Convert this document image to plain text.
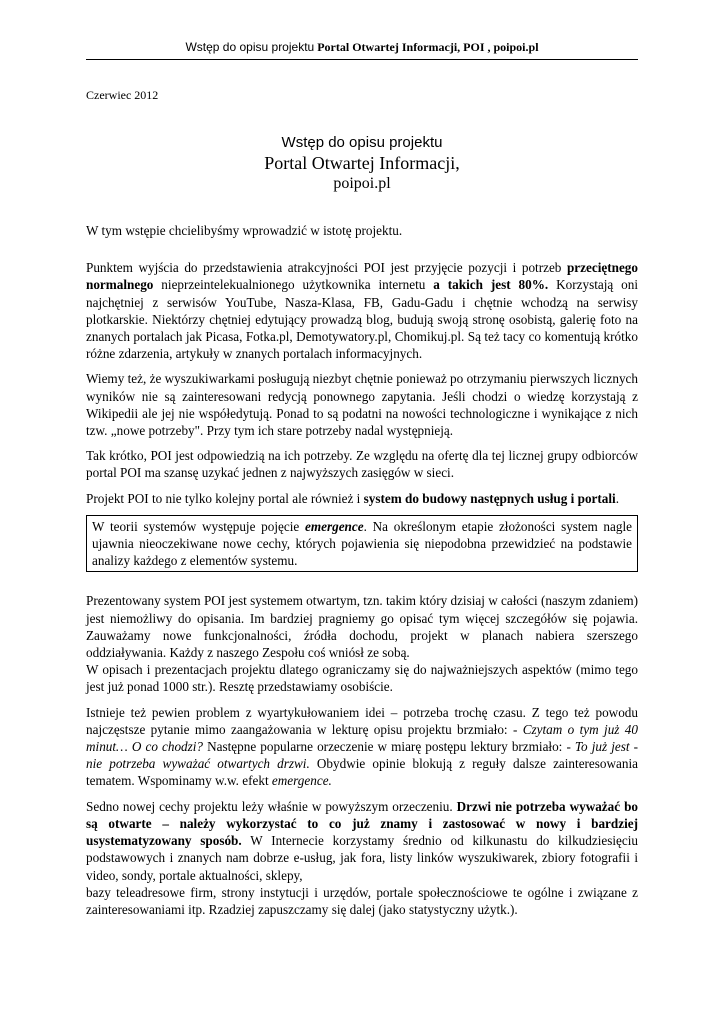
Wstęp do opisu projektu Portal Otwartej Informacji, POI , poipoi.pl
Czerwiec 2012
Wstęp do opisu projektu
Portal Otwartej Informacji,
poipoi.pl

W tym wstępie chcielibyśmy wprowadzić w istotę projektu.

Punktem wyjścia do przedstawienia atrakcyjności POI jest przyjęcie pozycji i potrzeb przeciętnego normalnego nieprzeintelekualnionego użytkownika internetu a takich jest 80%. Korzystają oni najchętniej z serwisów YouTube, Nasza-Klasa, FB, Gadu-Gadu i chętnie wchodzą na serwisy plotkarskie. Niektórzy chętniej edytujący prowadzą blog, budują swoją stronę osobistą, galerię foto na znanych portalach jak Picasa, Fotka.pl, Demotywatory.pl, Chomikuj.pl. Są też tacy co komentują krótko różne zdarzenia, artykuły w znanych portalach informacyjnych.

Wiemy też, że wyszukiwarkami posługują niezbyt chętnie ponieważ po otrzymaniu pierwszych licznych wyników nie są zainteresowani redycją ponownego zapytania. Jeśli chodzi o wiedzę korzystają z Wikipedii ale jej nie współedytują. Ponad to są podatni na nowości technologiczne i wynikające z nich tzw. „nowe potrzeby". Przy tym ich stare potrzeby nadal występnieją.

Tak krótko, POI jest odpowiedzią na ich potrzeby. Ze względu na ofertę dla tej licznej grupy odbiorców portal POI ma szansę uzykać jednen z najwyższych zasięgów w sieci.

Projekt POI to nie tylko kolejny portal ale również i system do budowy następnych usług i portali.

W teorii systemów występuje pojęcie emergence. Na określonym etapie złożoności system nagle ujawnia nieoczekiwane nowe cechy, których pojawienia się niepodobna przewidzieć na podstawie analizy każdego z elementów systemu.

Prezentowany system POI jest systemem otwartym, tzn. takim który dzisiaj w całości (naszym zdaniem) jest niemożliwy do opisania. Im bardziej pragniemy go opisać tym więcej szczegółów się pojawia. Zauważamy nowe funkcjonalności, źródła dochodu, projekt w planach nabiera szerszego oddziaływania. Każdy z naszego Zespołu coś wniósł ze sobą.
W opisach i prezentacjach projektu dlatego ograniczamy się do najważniejszych aspektów (mimo tego jest już ponad 1000 str.). Resztę przedstawiamy osobiście.

Istnieje też pewien problem z wyartykułowaniem idei – potrzeba trochę czasu. Z tego też powodu najczęstsze pytanie mimo zaangażowania w lekturę opisu projektu brzmiało: - Czytam o tym już 40 minut… O co chodzi? Następne popularne orzeczenie w miarę postępu lektury brzmiało: - To już jest - nie potrzeba wyważać otwartych drzwi. Obydwie opinie blokują z reguły dalsze zainteresowania tematem. Wspominamy w.w. efekt emergence.

Sedno nowej cechy projektu leży właśnie w powyższym orzeczeniu. Drzwi nie potrzeba wyważać bo są otwarte – należy wykorzystać to co już znamy i zastosować w nowy i bardziej usystematyzowany sposób. W Internecie korzystamy średnio od kilkunastu do kilkudziesięciu podstawowych i znanych nam dobrze e-usług, jak fora, listy linków wyszukiwarek, zbiory fotografii i video, sondy, portale aktualności, sklepy,
bazy teleadresowe firm, strony instytucji i urzędów, portale społecznościowe te ogólne i związane z zainteresowaniami itp. Rzadziej zapuszczamy się dalej (jako statystyczny użytk.).
